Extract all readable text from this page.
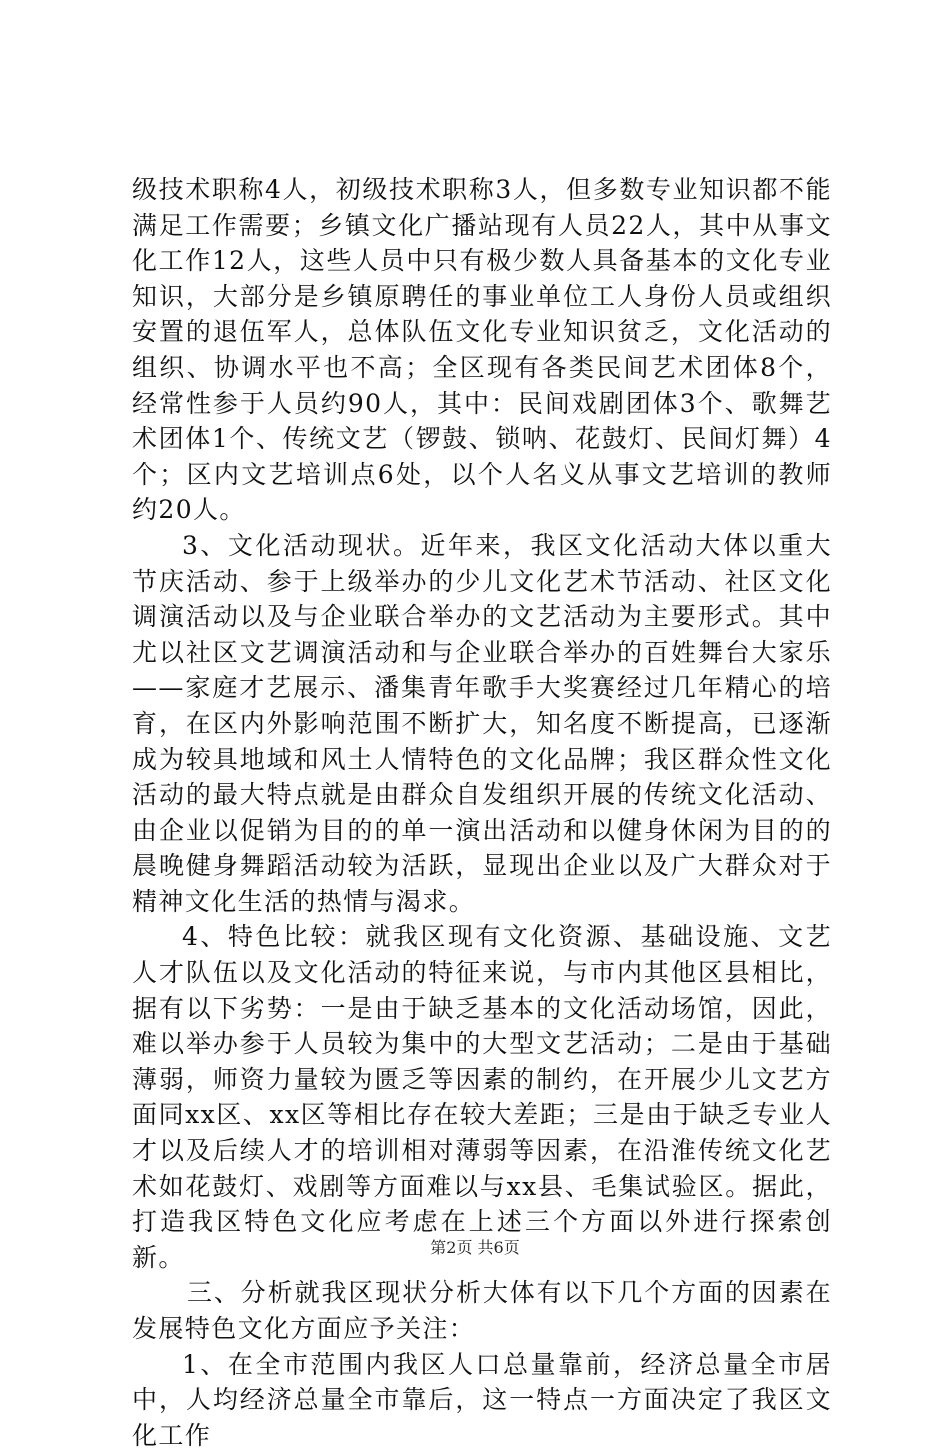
级技术职称4人，初级技术职称3人，但多数专业知识都不能满足工作需要；乡镇文化广播站现有人员22人，其中从事文化工作12人，这些人员中只有极少数人具备基本的文化专业知识，大部分是乡镇原聘任的事业单位工人身份人员或组织安置的退伍军人，总体队伍文化专业知识贫乏，文化活动的组织、协调水平也不高；全区现有各类民间艺术团体8个，经常性参于人员约90人，其中：民间戏剧团体3个、歌舞艺术团体1个、传统文艺（锣鼓、锁呐、花鼓灯、民间灯舞）4个；区内文艺培训点6处，以个人名义从事文艺培训的教师约20人。

3、文化活动现状。近年来，我区文化活动大体以重大节庆活动、参于上级举办的少儿文化艺术节活动、社区文化调演活动以及与企业联合举办的文艺活动为主要形式。其中尤以社区文艺调演活动和与企业联合举办的百姓舞台大家乐——家庭才艺展示、潘集青年歌手大奖赛经过几年精心的培育，在区内外影响范围不断扩大，知名度不断提高，已逐渐成为较具地域和风土人情特色的文化品牌；我区群众性文化活动的最大特点就是由群众自发组织开展的传统文化活动、由企业以促销为目的的单一演出活动和以健身休闲为目的的晨晚健身舞蹈活动较为活跃，显现出企业以及广大群众对于精神文化生活的热情与渴求。

4、特色比较：就我区现有文化资源、基础设施、文艺人才队伍以及文化活动的特征来说，与市内其他区县相比，据有以下劣势：一是由于缺乏基本的文化活动场馆，因此，难以举办参于人员较为集中的大型文艺活动；二是由于基础薄弱，师资力量较为匮乏等因素的制约，在开展少儿文艺方面同xx区、xx区等相比存在较大差距；三是由于缺乏专业人才以及后续人才的培训相对薄弱等因素，在沿淮传统文化艺术如花鼓灯、戏剧等方面难以与xx县、毛集试验区。据此，打造我区特色文化应考虑在上述三个方面以外进行探索创新。

三、分析就我区现状分析大体有以下几个方面的因素在发展特色文化方面应予关注：

1、在全市范围内我区人口总量靠前，经济总量全市居中，人均经济总量全市靠后，这一特点一方面决定了我区文化工作

第2页 共6页
